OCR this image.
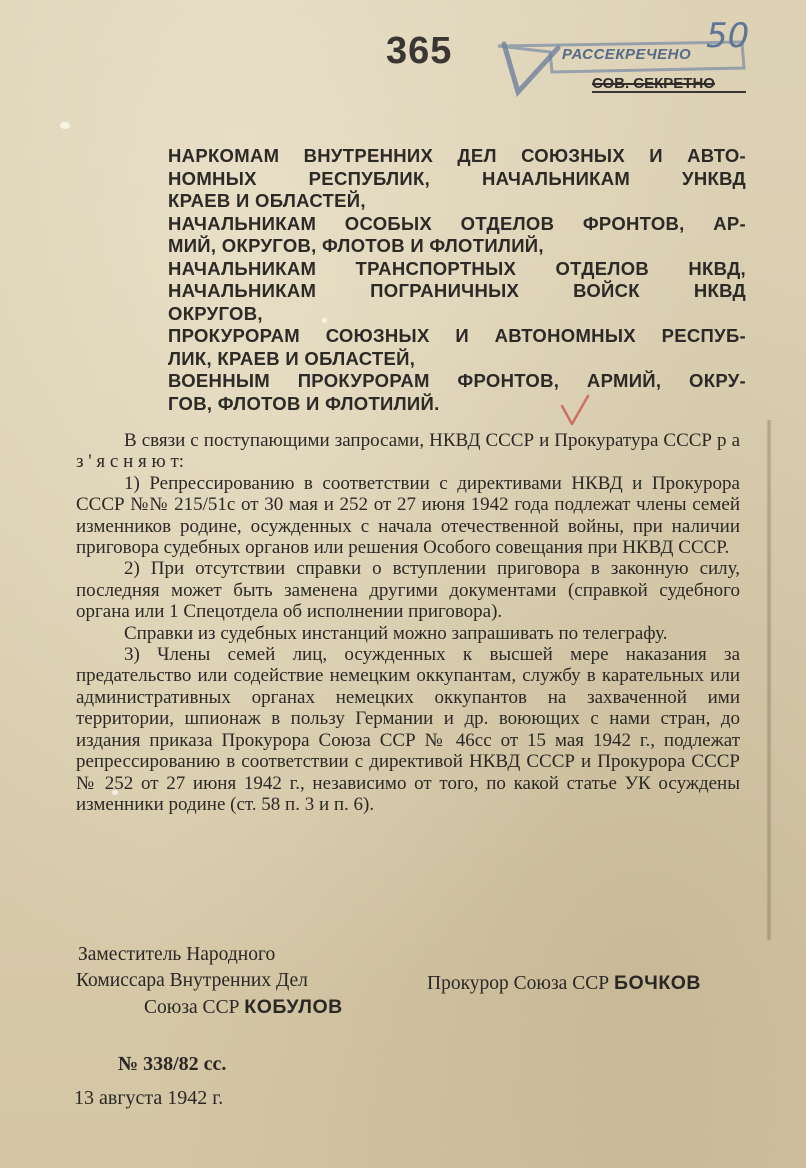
365	РАССЕКРЕЧЕНО
СОВ. СЕКРЕТНО
50
НАРКОМАМ ВНУТРЕННИХ ДЕЛ СОЮЗНЫХ И АВТО-
НОМНЫХ РЕСПУБЛИК, НАЧАЛЬНИКАМ УНКВД
КРАЕВ И ОБЛАСТЕЙ,
НАЧАЛЬНИКАМ ОСОБЫХ ОТДЕЛОВ ФРОНТОВ, АР-
МИЙ, ОКРУГОВ, ФЛОТОВ И ФЛОТИЛИЙ,
НАЧАЛЬНИКАМ ТРАНСПОРТНЫХ ОТДЕЛОВ НКВД,
НАЧАЛЬНИКАМ ПОГРАНИЧНЫХ ВОЙСК НКВД
ОКРУГОВ,
ПРОКУРОРАМ СОЮЗНЫХ И АВТОНОМНЫХ РЕСПУБ-
ЛИК, КРАЕВ И ОБЛАСТЕЙ,
ВОЕННЫМ ПРОКУРОРАМ ФРОНТОВ, АРМИЙ, ОКРУ-
ГОВ, ФЛОТОВ И ФЛОТИЛИЙ.

В связи с поступающими запросами, НКВД СССР и Прокуратура СССР р а з ' я с н я ю т:

1) Репрессированию в соответствии с директивами НКВД и Прокурора СССР №№ 215/51с от 30 мая и 252 от 27 июня 1942 года подлежат члены семей изменников родине, осужденных с начала отечественной войны, при наличии приговора судебных органов или решения Особого совещания при НКВД СССР.

2) При отсутствии справки о вступлении приговора в законную силу, последняя может быть заменена другими документами (справкой судебного органа или 1 Спецотдела об исполнении приговора).

Справки из судебных инстанций можно запрашивать по телеграфу.

3) Члены семей лиц, осужденных к высшей мере наказания за предательство или содействие немецким оккупантам, службу в карательных или административных органах немецких оккупантов на захваченной ими территории, шпионаж в пользу Германии и др. воюющих с нами стран, до издания приказа Прокурора Союза ССР № 46сс от 15 мая 1942 г., подлежат репрессированию в соответствии с директивой НКВД СССР и Прокурора СССР № 252 от 27 июня 1942 г., независимо от того, по какой статье УК осуждены изменники родине (ст. 58 п. 3 и п. 6).

Заместитель Народного
Комиссара Внутренних Дел
Союза ССР КОБУЛОВ
Прокурор Союза ССР БОЧКОВ
№ 338/82 сс.
13 августа 1942 г.
